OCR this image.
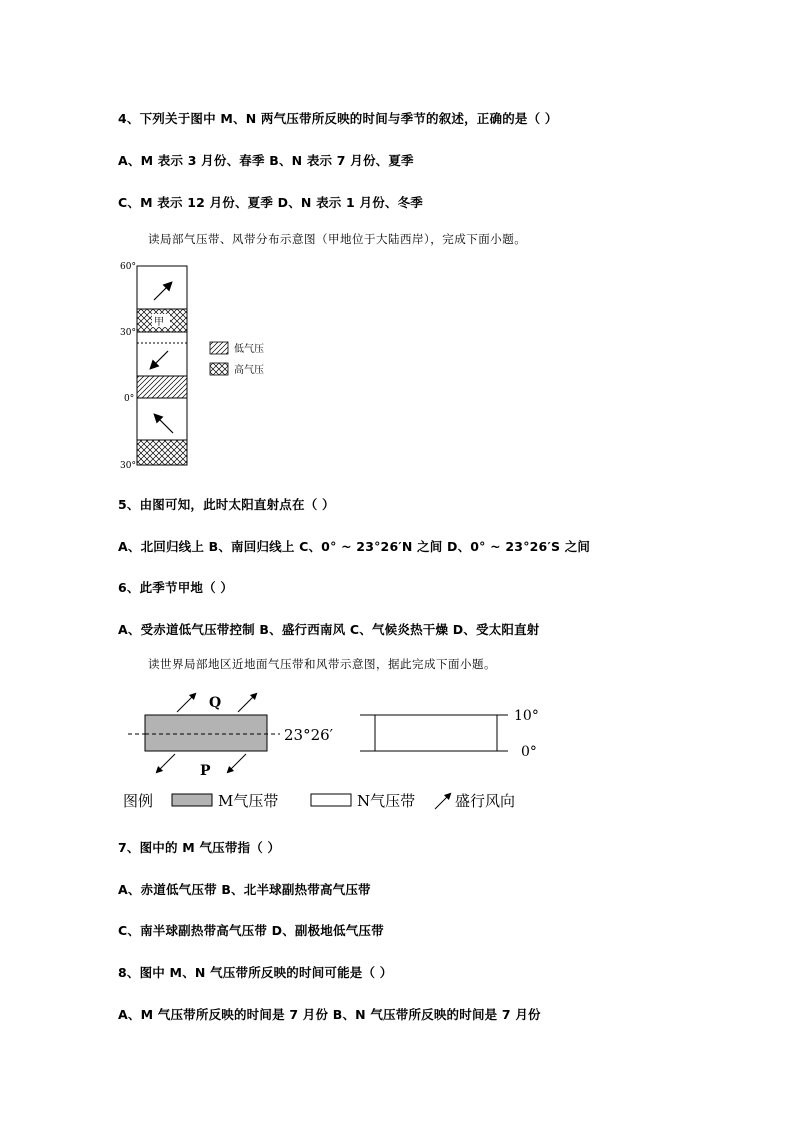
4、下列关于图中 M、N 两气压带所反映的时间与季节的叙述，正确的是（ ）
A、M 表示 3 月份、春季 B、N 表示 7 月份、夏季
C、M 表示 12 月份、夏季 D、N 表示 1 月份、冬季
读局部气压带、风带分布示意图（甲地位于大陆西岸），完成下面小题。
甲
60°
30°
0°
30°
低气压
高气压
Q
P
23°26′
10°
0°
图例	M气压带	N气压带	盛行风向
5、由图可知，此时太阳直射点在（ ）
A、北回归线上 B、南回归线上 C、0° ~ 23°26′N 之间 D、0° ~ 23°26′S 之间
6、此季节甲地（ ）
A、受赤道低气压带控制 B、盛行西南风 C、气候炎热干燥 D、受太阳直射
读世界局部地区近地面气压带和风带示意图，据此完成下面小题。
7、图中的 M 气压带指（ ）
A、赤道低气压带 B、北半球副热带高气压带
C、南半球副热带高气压带 D、副极地低气压带
8、图中 M、N 气压带所反映的时间可能是（ ）
A、M 气压带所反映的时间是 7 月份 B、N 气压带所反映的时间是 7 月份
